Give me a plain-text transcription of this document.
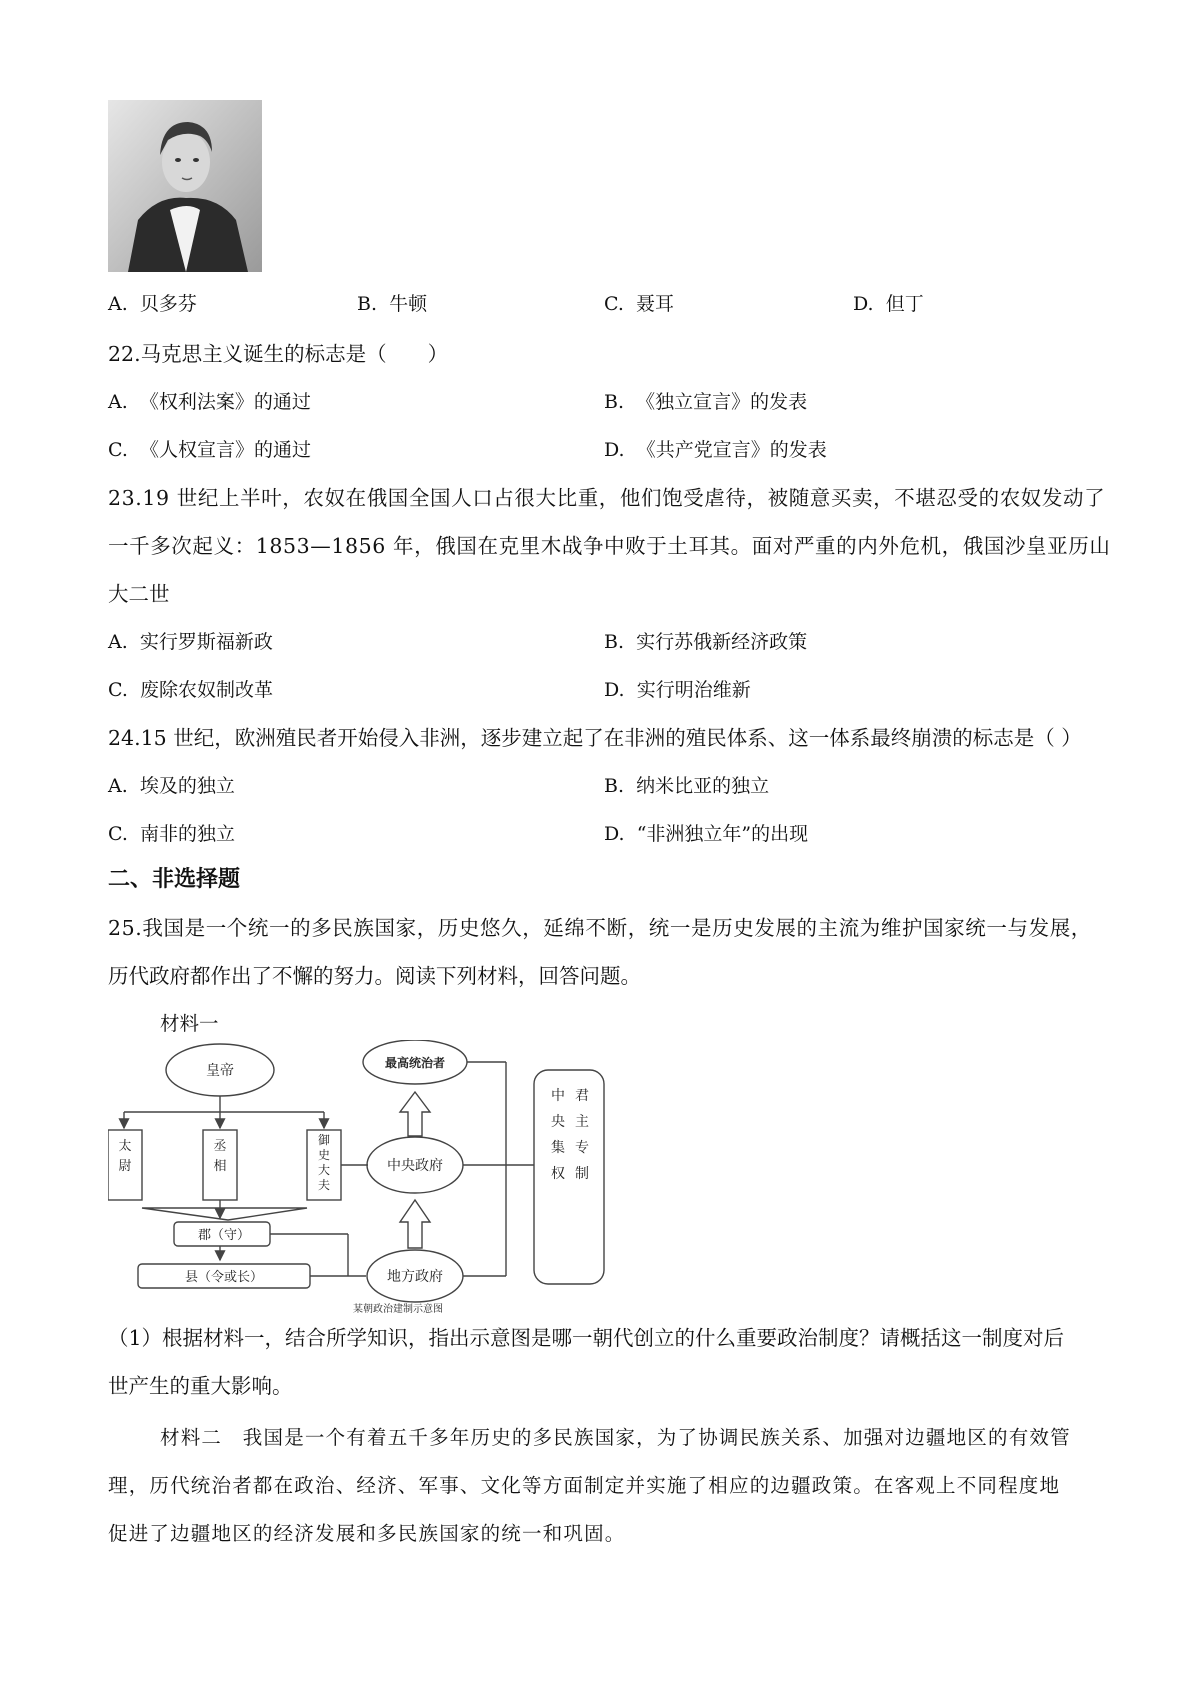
A. 贝多芬	B. 牛顿	C. 聂耳	D. 但丁
22.马克思主义诞生的标志是（　　）
A. 《权利法案》的通过	B. 《独立宣言》的发表
C. 《人权宣言》的通过	D. 《共产党宣言》的发表
23.19 世纪上半叶，农奴在俄国全国人口占很大比重，他们饱受虐待，被随意买卖，不堪忍受的农奴发动了
一千多次起义：1853—1856 年，俄国在克里木战争中败于土耳其。面对严重的内外危机，俄国沙皇亚历山
大二世
A. 实行罗斯福新政	B. 实行苏俄新经济政策
C. 废除农奴制改革	D. 实行明治维新
24.15 世纪，欧洲殖民者开始侵入非洲，逐步建立起了在非洲的殖民体系、这一体系最终崩溃的标志是（ ）
A. 埃及的独立	B. 纳米比亚的独立
C. 南非的独立	D. “非洲独立年”的出现
二、非选择题
25.我国是一个统一的多民族国家，历史悠久，延绵不断，统一是历史发展的主流为维护国家统一与发展，
历代政府都作出了不懈的努力。阅读下列材料，回答问题。
材料一
皇帝	最高统治者
中央政府
地方政府
郡（守）
县（令或长）
某朝政治建制示意图
太尉
丞相
御史大夫
君主专制中央集权
（1）根据材料一，结合所学知识，指出示意图是哪一朝代创立的什么重要政治制度？请概括这一制度对后
世产生的重大影响。
材料二　我国是一个有着五千多年历史的多民族国家，为了协调民族关系、加强对边疆地区的有效管
理，历代统治者都在政治、经济、军事、文化等方面制定并实施了相应的边疆政策。在客观上不同程度地
促进了边疆地区的经济发展和多民族国家的统一和巩固。
